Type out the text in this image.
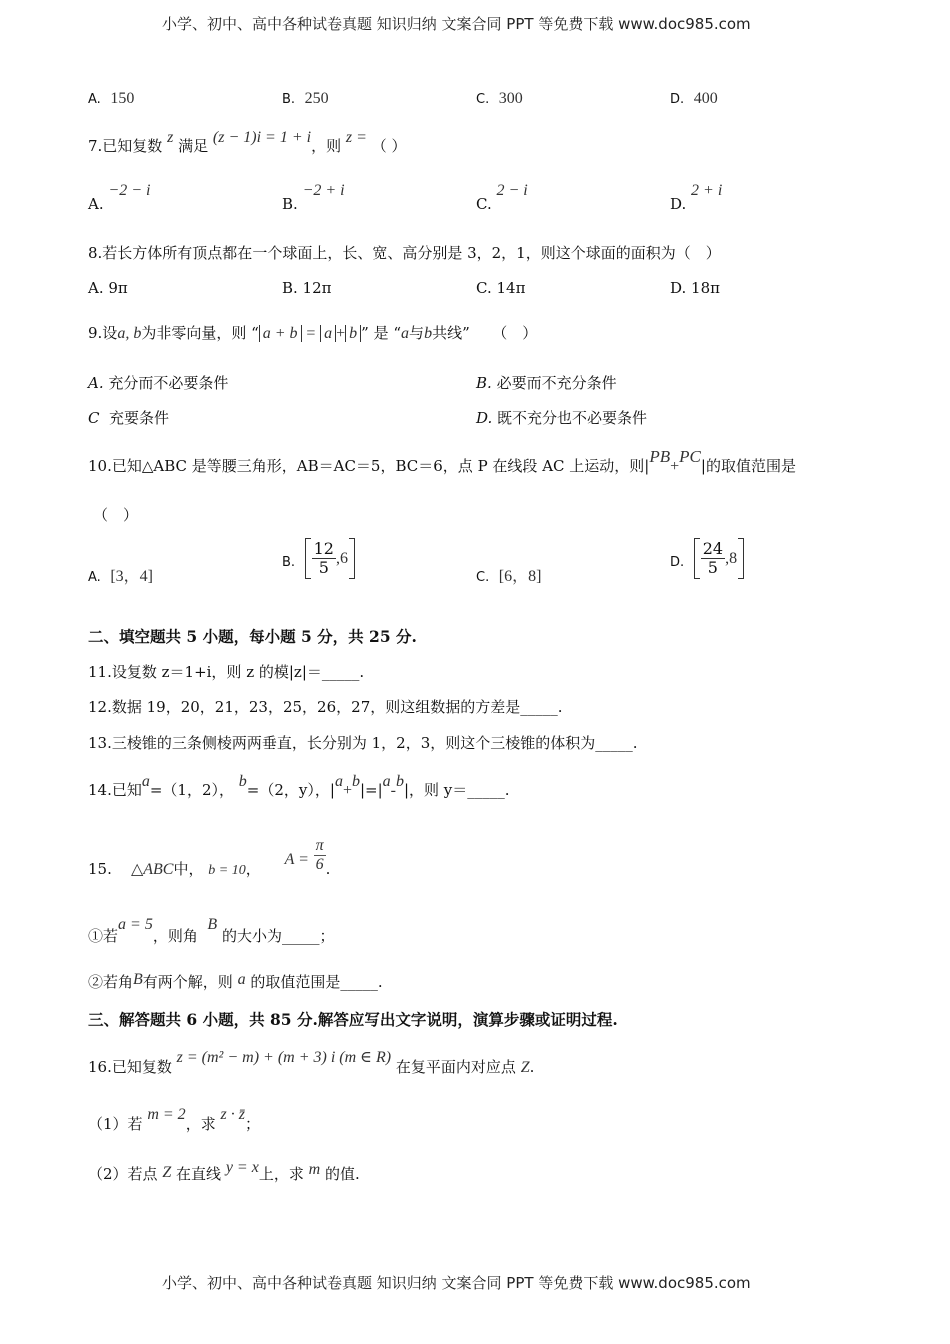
小学、初中、高中各种试卷真题 知识归纳 文案合同 PPT 等免费下载 www.doc985.com
A. 150	B. 250	C. 300	D. 400
7.已知复数 z 满足 (z − 1)i = 1 + i，则 z = （ ）
A. −2 − i
B. −2 + i
C. 2 − i
D. 2 + i
8.若长方体所有顶点都在一个球面上，长、宽、高分别是 3，2，1，则这个球面的面积为（　）
A. 9π	B. 12π	C. 14π	D. 18π
9.设a, b为非零向量，则 “ a + b = a + b ” 是 “a与b共线”　　（　）
A. 充分而不必要条件	B. 必要而不充分条件
C 充要条件	D. 既不充分也不必要条件
10.已知△ABC 是等腰三角形，AB＝AC＝5，BC＝6，点 P 在线段 AC 上运动，则|PB+PC|的取值范围是
（　）
A. [3，4]
B. $\frac{12}{5} ,6$
C. [6，8]
D. $\frac{24}{5} ,8$
二、填空题共 5 小题，每小题 5 分，共 25 分.
11.设复数 z＝1+i，则 z 的模|z|＝_____.
12.数据 19，20，21，23，25，26，27，则这组数据的方差是_____.
13.三棱锥的三条侧棱两两垂直，长分别为 1，2，3，则这个三棱锥的体积为_____.
14.已知a=（1，2）， b=（2，y），|a+b|=|a-b|，则 y＝_____.
15. △ABC中， b = 10，     $A = \frac{\pi}{6}$ .
①若a = 5，则角  B 的大小为_____；
②若角B有两个解，则 a 的取值范围是_____.
三、解答题共 6 小题，共 85 分.解答应写出文字说明，演算步骤或证明过程.
16.已知复数 z = (m² − m) + (m + 3) i (m ∈ R) 在复平面内对应点 Z.
（1）若 m = 2，求 z · z̄；
（2）若点 Z 在直线 y = x上，求 m 的值.
小学、初中、高中各种试卷真题 知识归纳 文案合同 PPT 等免费下载 www.doc985.com
